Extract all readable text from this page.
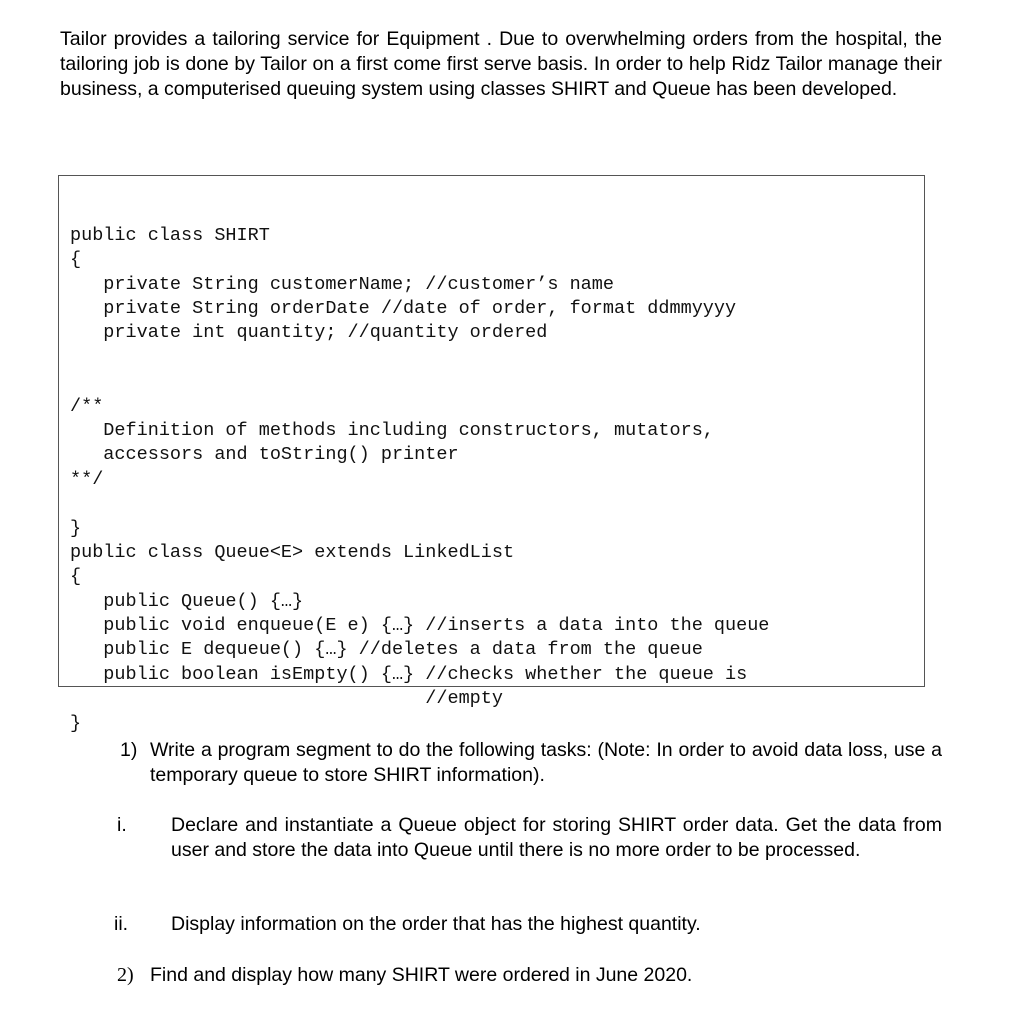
Tailor provides a tailoring service for Equipment . Due to overwhelming orders from the hospital, the tailoring job is done by Tailor on a first come first serve basis. In order to help Ridz Tailor manage their business, a computerised queuing system using classes SHIRT and Queue has been developed.

public class SHIRT
{
private String customerName; //customer’s name
private String orderDate //date of order, format ddmmyyyy
private int quantity; //quantity ordered
/**
Definition of methods including constructors, mutators,
accessors and toString() printer
**/
}
public class Queue<E> extends LinkedList
{
public Queue() {…}
public void enqueue(E e) {…} //inserts a data into the queue
public E dequeue() {…} //deletes a data from the queue
public boolean isEmpty() {…} //checks whether the queue is
//empty
}

1) Write a program segment to do the following tasks: (Note: In order to avoid data loss, use a temporary queue to store SHIRT information).
i. Declare and instantiate a Queue object for storing SHIRT order data. Get the data from user and store the data into Queue until there is no more order to be processed.
ii. Display information on the order that has the highest quantity.
2) Find and display how many SHIRT were ordered in June 2020.
